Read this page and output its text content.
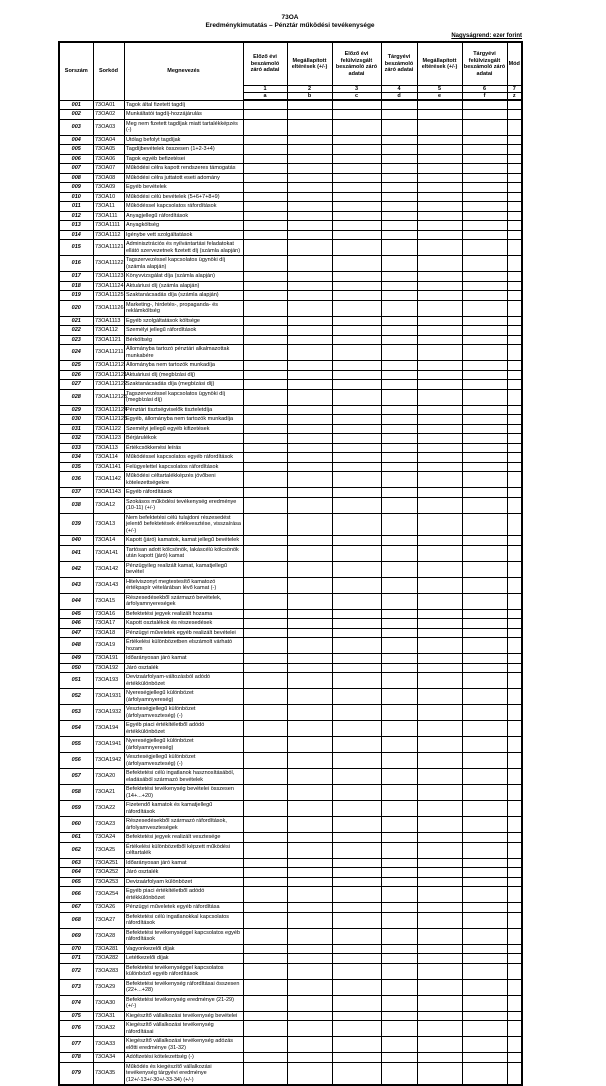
73OA
Eredménykimutatás – Pénztár működési tevékenysége
Nagyságrend: ezer forint
Sorszám	Sorkód	Megnevezés	Előző évi beszámoló záró adatai	Megállapított eltérések (+/-)	Előző évi felülvizsgált beszámoló záró adatai	Tárgyévi beszámoló záró adatai	Megállapított eltérések (+/-)	Tárgyévi felülvizsgált beszámoló záró adatai	Mód
			1	2	3	4	5	6	7
			a	b	c	d	e	f	z
001	73OA01	Tagok által fizetett tagdíj							
002	73OA02	Munkáltatói tagdíj-hozzájárulás							
003	73OA03	Meg nem fizetett tagdíjak miatt tartalékképzés (-)							
004	73OA04	Utólag befolyt tagdíjak							
005	73OA05	Tagdíjbevételek összesen (1+2-3+4)							
006	73OA06	Tagok egyéb befizetései							
007	73OA07	Működési célra kapott rendszeres támogatás							
008	73OA08	Működési célra juttatott eseti adomány							
009	73OA09	Egyéb bevételek							
010	73OA10	Működési célú bevételek (5+6+7+8+9)							
011	73OA11	Működéssel kapcsolatos ráfordítások							
012	73OA111	Anyagjellegű ráfordítások							
013	73OA1111	Anyagköltség							
014	73OA1112	Igénybe vett szolgáltatások							
015	73OA11121	Adminisztrációs és nyilvántartási feladatokat ellátó szervezetnek fizetett díj (számla alapján)							
016	73OA11122	Tagszervezéssel kapcsolatos ügynöki díj (számla alapján)							
017	73OA11123	Könyvvizsgálat díja (számla alapján)							
018	73OA11124	Aktuáriusi díj (számla alapján)							
019	73OA11125	Szaktanácsadás díja (számla alapján)							
020	73OA11126	Marketing-, hirdetés-, propaganda- és reklámköltség							
021	73OA1113	Egyéb szolgáltatások költsége							
022	73OA112	Személyi jellegű ráfordítások							
023	73OA1121	Bérköltség							
024	73OA11211	Állományba tartozó pénztári alkalmazottak munkabére							
025	73OA11212	Állományba nem tartozók munkadíja							
026	73OA112121	Aktuáriusi díj (megbízási díj)							
027	73OA112122	Szaktanácsadás díja (megbízási díj)							
028	73OA112123	Tagszervezéssel kapcsolatos ügynöki díj (megbízási díj)							
029	73OA112124	Pénztári tisztségviselők tiszteletdíja							
030	73OA112125	Egyéb, állományba nem tartozók munkadíja							
031	73OA1122	Személyi jellegű egyéb kifizetések							
032	73OA1123	Bérjárulékok							
033	73OA113	Értékcsökkenési leírás							
034	73OA114	Működéssel kapcsolatos egyéb ráfordítások							
035	73OA1141	Felügyelettel kapcsolatos ráfordítások							
036	73OA1142	Működési céltartalékképzés jövőbeni kötelezettségekre							
037	73OA1143	Egyéb ráfordítások							
038	73OA12	Szokásos működési tevékenység eredménye (10-11) (+/-)							
039	73OA13	Nem befektetési célú tulajdoni részesedést jelentő befektetések értékvesztése, visszaírása (+/-)							
040	73OA14	Kapott (járó) kamatok, kamat jellegű bevételek							
041	73OA141	Tartósan adott kölcsönök, lakáscélú kölcsönök után kapott (járó) kamat							
042	73OA142	Pénzügyileg realizált kamat, kamatjellegű bevétel							
043	73OA143	Hitelviszonyt megtestesítő kamatozó értékpapír vételárában lévő kamat (-)							
044	73OA15	Részesedésekből származó bevételek, árfolyamnyereségek							
045	73OA16	Befektetési jegyek realizált hozama							
046	73OA17	Kapott osztalékok és részesedések							
047	73OA18	Pénzügyi műveletek egyéb realizált bevételei							
048	73OA19	Értékelési különbözetben elszámolt várható hozam							
049	73OA191	Időarányosan járó kamat							
050	73OA192	Járó osztalék							
051	73OA193	Devizaárfolyam-változásból adódó értékkülönbözet							
052	73OA1931	Nyereségjellegű különbözet (árfolyamnyereség)							
053	73OA1932	Veszteségjellegű különbözet (árfolyamveszteség) (-)							
054	73OA194	Egyéb piaci értékítéletből adódó értékkülönbözet							
055	73OA1941	Nyereségjellegű különbözet (árfolyamnyereség)							
056	73OA1942	Veszteségjellegű különbözet (árfolyamveszteség) (-)							
057	73OA20	Befektetési célú ingatlanok hasznosításából, eladásából származó bevételek							
058	73OA21	Befektetési tevékenység bevételei összesen (14+...+20)							
059	73OA22	Fizetendő kamatok és kamatjellegű ráfordítások							
060	73OA23	Részesedésekből származó ráfordítások, árfolyamveszteségek							
061	73OA24	Befektetési jegyek realizált vesztesége							
062	73OA25	Értékelési különbözetből képzett működési céltartalék							
063	73OA251	Időarányosan járó kamat							
064	73OA252	Járó osztalék							
065	73OA253	Devizaárfolyam különbözet							
066	73OA254	Egyéb piaci értékítéletből adódó értékkülönbözet							
067	73OA26	Pénzügyi műveletek egyéb ráfordítása							
068	73OA27	Befektetési célú ingatlanokkal kapcsolatos ráfordítások							
069	73OA28	Befektetési tevékenységgel kapcsolatos egyéb ráfordítások							
070	73OA281	Vagyonkezelői díjak							
071	73OA282	Letétkezelői díjak							
072	73OA283	Befektetési tevékenységgel kapcsolatos különböző egyéb ráfordítások							
073	73OA29	Befektetési tevékenység ráfordításai összesen (22+...+28)							
074	73OA30	Befektetési tevékenység eredménye (21-29) (+/-)							
075	73OA31	Kiegészítő vállalkozási tevékenység bevételei							
076	73OA32	Kiegészítő vállalkozási tevékenység ráfordításai							
077	73OA33	Kiegészítő vállalkozási tevékenység adózás előtti eredménye (31-32)							
078	73OA34	Adófizetési kötelezettség (-)							
079	73OA35	Működés és kiegészítő vállalkozási tevékenység tárgyévi eredménye (12+/-13+/-30+/-33-34) (+/-)							
